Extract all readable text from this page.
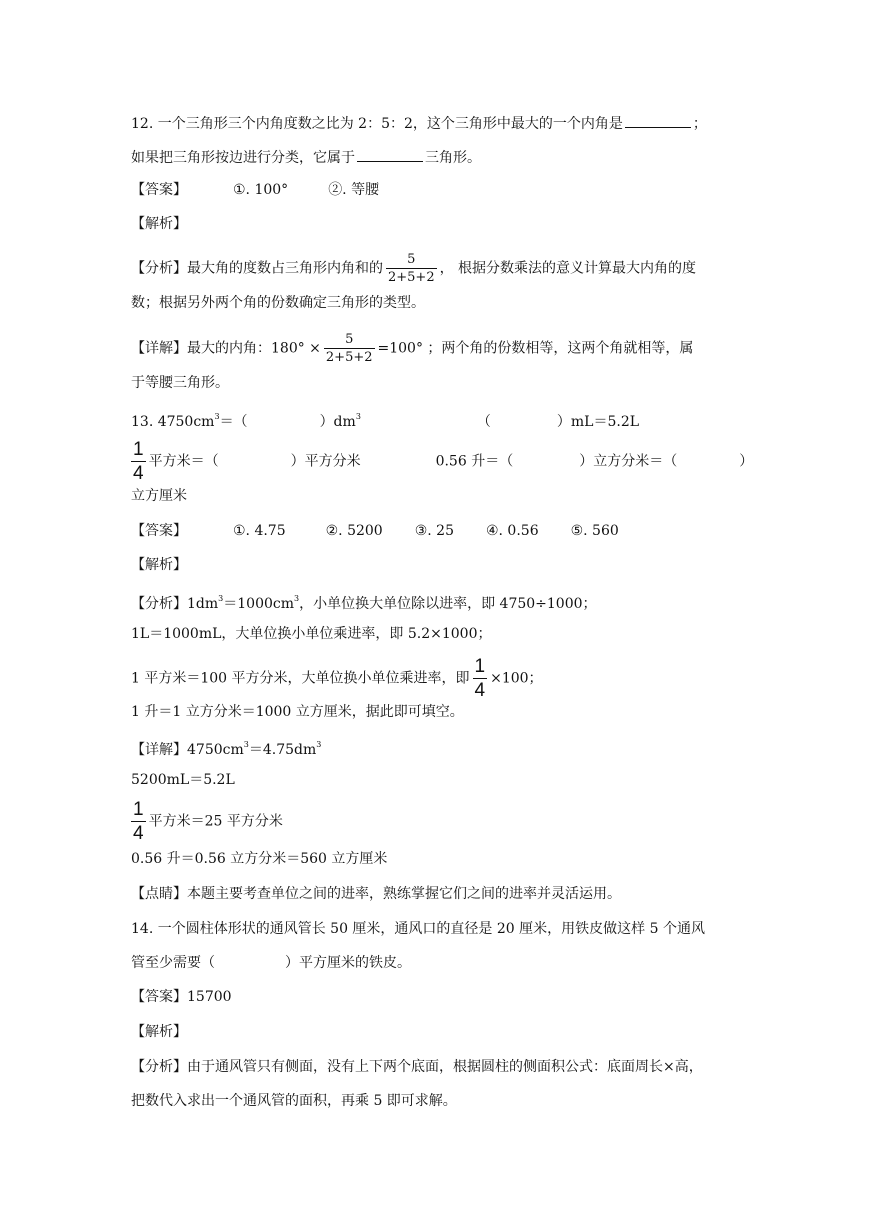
12. 一个三角形三个内角度数之比为 2：5：2，这个三角形中最大的一个内角是	；
如果把三角形按边进行分类，它属于	三角形。
【答案】	①. 100°	②. 等腰
【解析】
【分析】最大角的度数占三角形内角和的 $\frac{5}{2+5+2}$ ， 根据分数乘法的意义计算最大内角的度
数；根据另外两个角的份数确定三角形的类型。
【详解】最大的内角：$180^\circ \times \frac{5}{2+5+2} =100^\circ$ ；两个角的份数相等，这两个角就相等，属
于等腰三角形。
13. $4750cm^3=$（	）$dm^3$	（	）mL＝5.2L
$\frac{1}{4}$ 平方米＝（	）平方分米	0.56 升＝（	）立方分米＝（	）
立方厘米
【答案】	①. 4.75	②. 5200 ③. 25 ④. 0.56 ⑤. 560
【解析】
【分析】$1dm^3=1000cm^3$，小单位换大单位除以进率，即 4750÷1000；
1L＝1000mL，大单位换小单位乘进率，即 5.2×1000；
1 平方米＝100 平方分米，大单位换小单位乘进率，即 $\frac{1}{4} \times 100$；
1 升＝1 立方分米＝1000 立方厘米，据此即可填空。
【详解】$4750cm^3=4.75dm^3$
5200mL＝5.2L
$\frac{1}{4}$ 平方米＝25 平方分米
0.56 升＝0.56 立方分米＝560 立方厘米
【点睛】本题主要考查单位之间的进率，熟练掌握它们之间的进率并灵活运用。
14. 一个圆柱体形状的通风管长 50 厘米，通风口的直径是 20 厘米，用铁皮做这样 5 个通风
管至少需要（	）平方厘米的铁皮。
【答案】15700
【解析】
【分析】由于通风管只有侧面，没有上下两个底面，根据圆柱的侧面积公式：底面周长×高，
把数代入求出一个通风管的面积，再乘 5 即可求解。
